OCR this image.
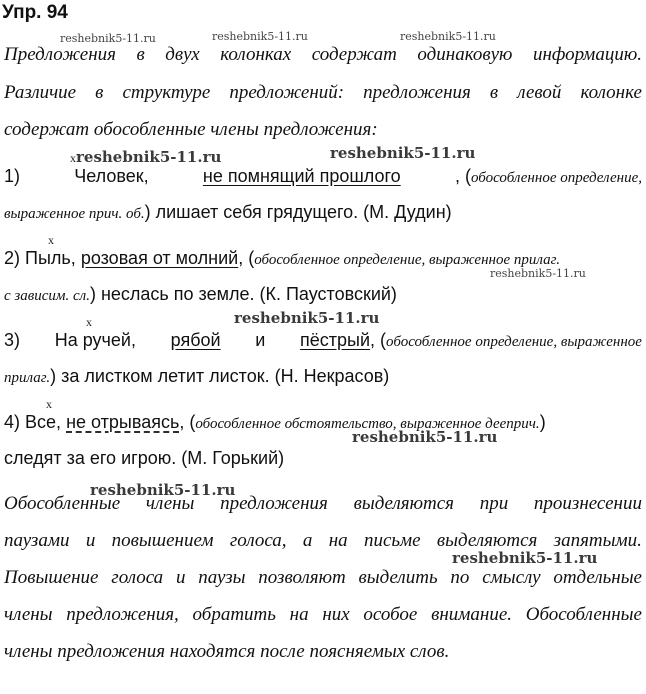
Упр. 94
Предложения в двух колонках содержат одинаковую информацию.
Различие в структуре предложений: предложения в левой колонке
содержат обособленные члены предложения:
x
1)	Человек,	не помнящий прошлого	, (обособленное определение,
выраженное прич. об.) лишает себя грядущего. (М. Дудин)
x
2) Пыль, розовая от молний, (обособленное определение, выраженное прилаг.
с зависим. сл.) неслась по земле. (К. Паустовский)
x
3) На ручей, рябой и пёстрый, (обособленное определение, выраженное
прилаг.) за листком летит листок. (Н. Некрасов)
x
4) Все, не отрываясь, (обособленное обстоятельство, выраженное дееприч.)
следят за его игрою. (М. Горький)
Обособленные члены предложения выделяются при произнесении
паузами и повышением голоса, а на письме выделяются запятыми.
Повышение голоса и паузы позволяют выделить по смыслу отдельные
члены предложения, обратить на них особое внимание. Обособленные
члены предложения находятся после поясняемых слов.
reshebnik5-11.ru	reshebnik5-11.ru	reshebnik5-11.ru
reshebnik5-11.ru	reshebnik5-11.ru
reshebnik5-11.ru
reshebnik5-11.ru
reshebnik5-11.ru
reshebnik5-11.ru
reshebnik5-11.ru
